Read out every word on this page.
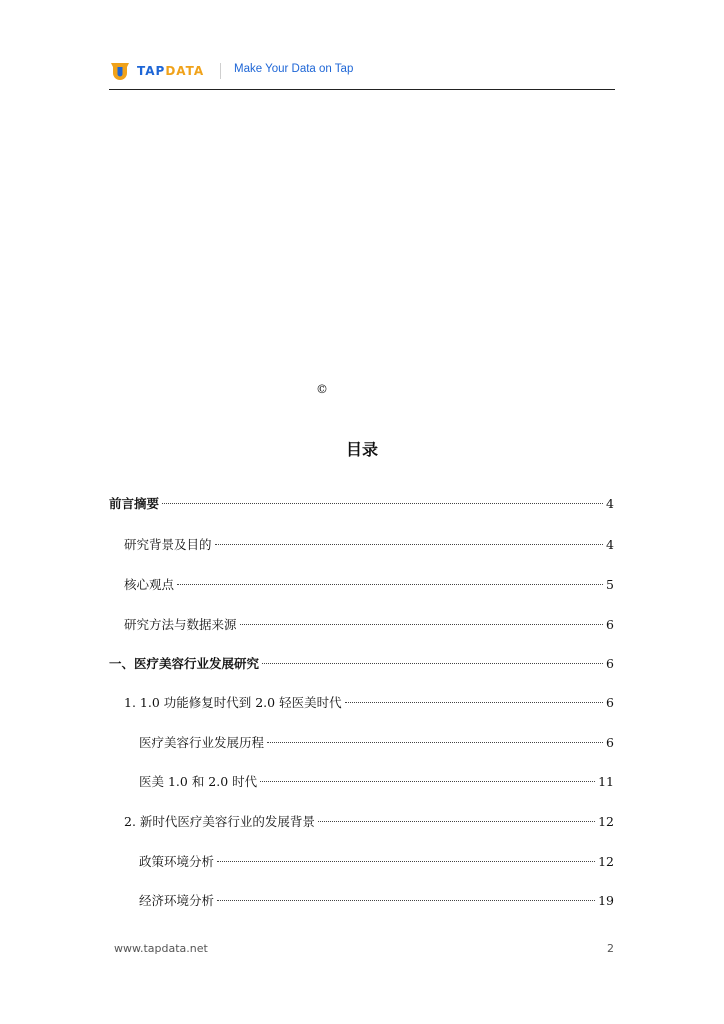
TAPDATA	Make Your Data on Tap
©
目录
前言摘要	4
研究背景及目的	4
核心观点	5
研究方法与数据来源	6
一、医疗美容行业发展研究	6
1. 1.0 功能修复时代到 2.0 轻医美时代	6
医疗美容行业发展历程	6
医美 1.0 和 2.0 时代	11
2. 新时代医疗美容行业的发展背景	12
政策环境分析	12
经济环境分析	19
www.tapdata.net	2
